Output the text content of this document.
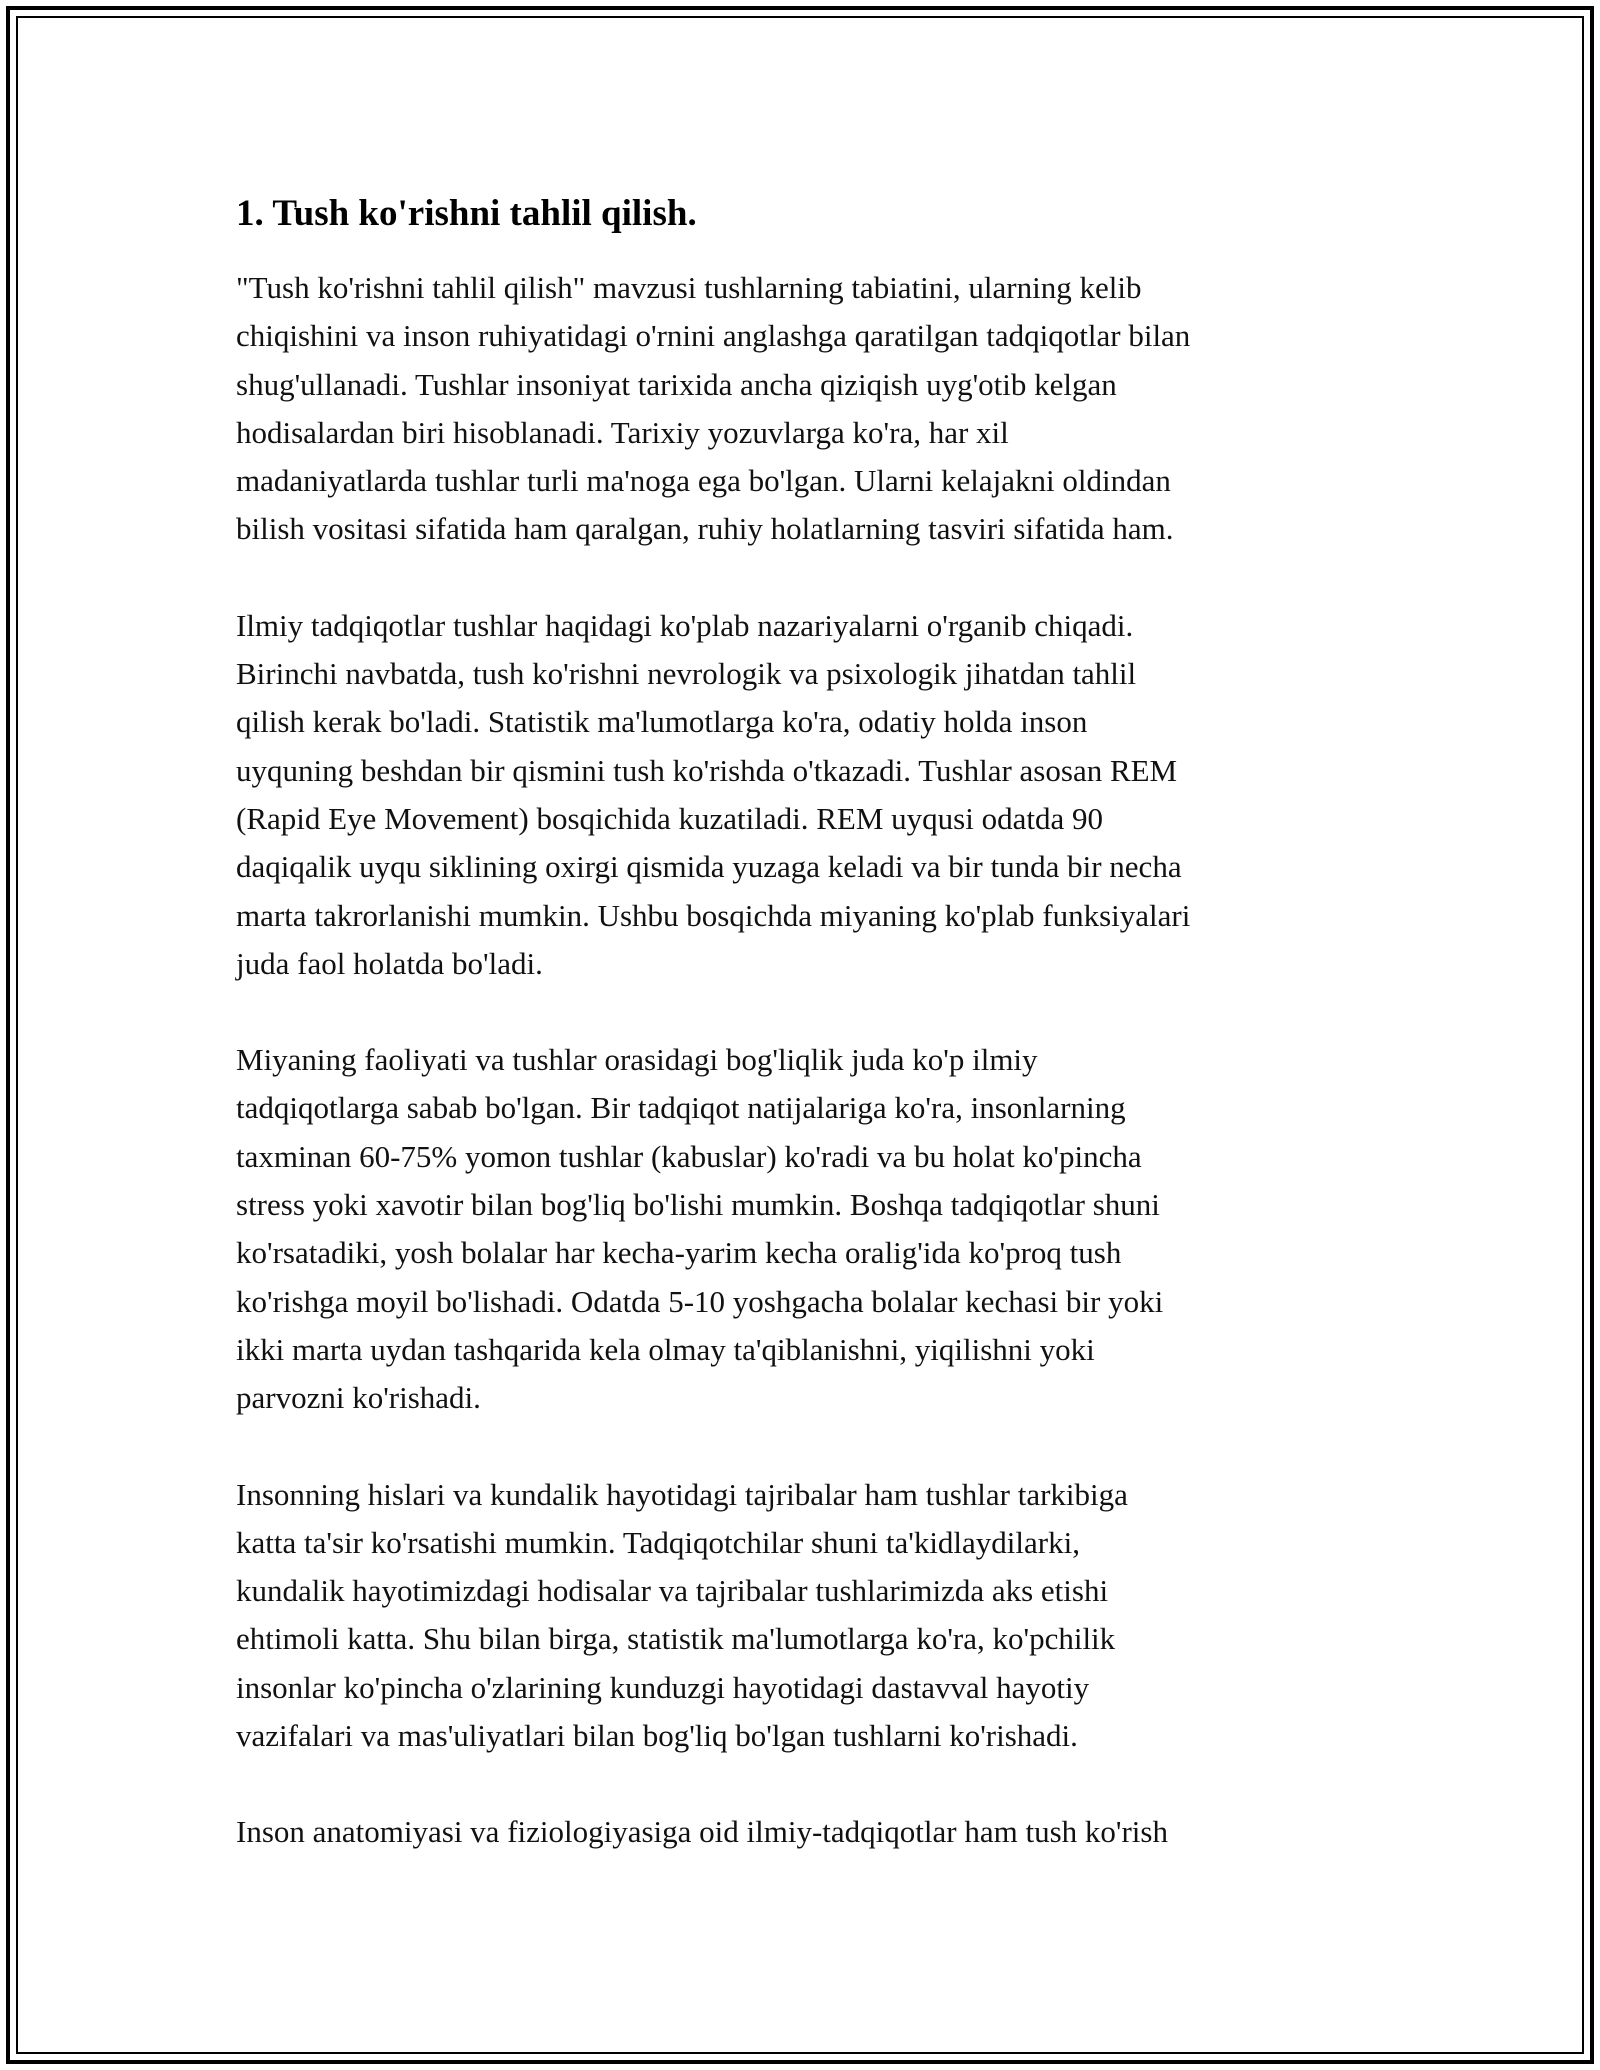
1. Tush ko'rishni tahlil qilish.
"Tush ko'rishni tahlil qilish" mavzusi tushlarning tabiatini, ularning kelib
chiqishini va inson ruhiyatidagi o'rnini anglashga qaratilgan tadqiqotlar bilan
shug'ullanadi. Tushlar insoniyat tarixida ancha qiziqish uyg'otib kelgan
hodisalardan biri hisoblanadi. Tarixiy yozuvlarga ko'ra, har xil
madaniyatlarda tushlar turli ma'noga ega bo'lgan. Ularni kelajakni oldindan
bilish vositasi sifatida ham qaralgan, ruhiy holatlarning tasviri sifatida ham.
Ilmiy tadqiqotlar tushlar haqidagi ko'plab nazariyalarni o'rganib chiqadi.
Birinchi navbatda, tush ko'rishni nevrologik va psixologik jihatdan tahlil
qilish kerak bo'ladi. Statistik ma'lumotlarga ko'ra, odatiy holda inson
uyquning beshdan bir qismini tush ko'rishda o'tkazadi. Tushlar asosan REM
(Rapid Eye Movement) bosqichida kuzatiladi. REM uyqusi odatda 90
daqiqalik uyqu siklining oxirgi qismida yuzaga keladi va bir tunda bir necha
marta takrorlanishi mumkin. Ushbu bosqichda miyaning ko'plab funksiyalari
juda faol holatda bo'ladi.
Miyaning faoliyati va tushlar orasidagi bog'liqlik juda ko'p ilmiy
tadqiqotlarga sabab bo'lgan. Bir tadqiqot natijalariga ko'ra, insonlarning
taxminan 60-75% yomon tushlar (kabuslar) ko'radi va bu holat ko'pincha
stress yoki xavotir bilan bog'liq bo'lishi mumkin. Boshqa tadqiqotlar shuni
ko'rsatadiki, yosh bolalar har kecha-yarim kecha oralig'ida ko'proq tush
ko'rishga moyil bo'lishadi. Odatda 5-10 yoshgacha bolalar kechasi bir yoki
ikki marta uydan tashqarida kela olmay ta'qiblanishni, yiqilishni yoki
parvozni ko'rishadi.
Insonning hislari va kundalik hayotidagi tajribalar ham tushlar tarkibiga
katta ta'sir ko'rsatishi mumkin. Tadqiqotchilar shuni ta'kidlaydilarki,
kundalik hayotimizdagi hodisalar va tajribalar tushlarimizda aks etishi
ehtimoli katta. Shu bilan birga, statistik ma'lumotlarga ko'ra, ko'pchilik
insonlar ko'pincha o'zlarining kunduzgi hayotidagi dastavval hayotiy
vazifalari va mas'uliyatlari bilan bog'liq bo'lgan tushlarni ko'rishadi.
Inson anatomiyasi va fiziologiyasiga oid ilmiy-tadqiqotlar ham tush ko'rish
